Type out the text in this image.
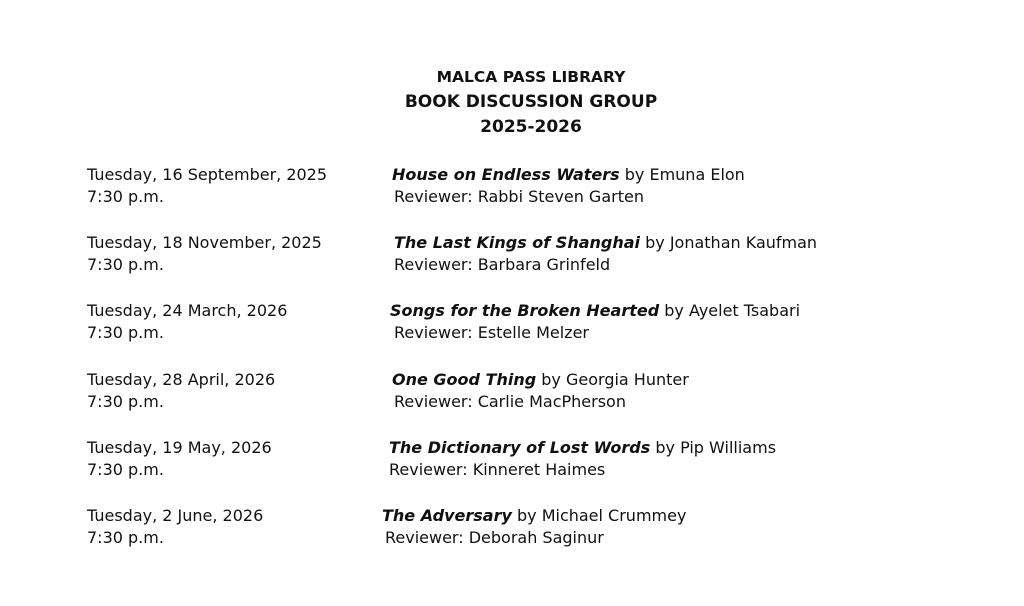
MALCA PASS LIBRARY
BOOK DISCUSSION GROUP
2025-2026
Tuesday, 16 September, 2025
7:30 p.m.
House on Endless Waters by Emuna Elon
Reviewer: Rabbi Steven Garten
Tuesday, 18 November, 2025
7:30 p.m.
The Last Kings of Shanghai by Jonathan Kaufman
Reviewer: Barbara Grinfeld
Tuesday, 24 March, 2026
7:30 p.m.
Songs for the Broken Hearted by Ayelet Tsabari
Reviewer: Estelle Melzer
Tuesday, 28 April, 2026
7:30 p.m.
One Good Thing by Georgia Hunter
Reviewer: Carlie MacPherson
Tuesday, 19 May, 2026
7:30 p.m.
The Dictionary of Lost Words by Pip Williams
Reviewer: Kinneret Haimes
Tuesday, 2 June, 2026
7:30 p.m.
The Adversary by Michael Crummey
Reviewer: Deborah Saginur
